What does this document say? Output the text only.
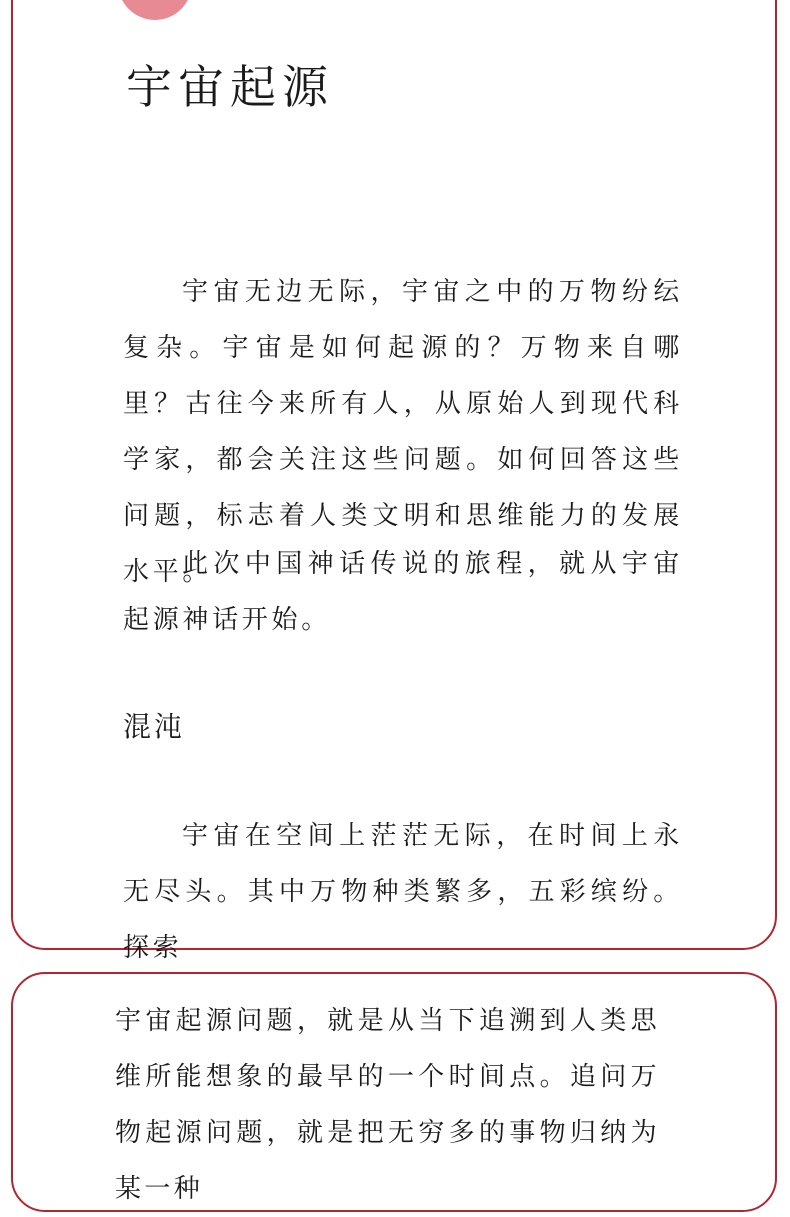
宇宙起源

宇宙无边无际，宇宙之中的万物纷纭复杂。宇宙是如何起源的？万物来自哪里？古往今来所有人，从原始人到现代科学家，都会关注这些问题。如何回答这些问题，标志着人类文明和思维能力的发展水平。

此次中国神话传说的旅程，就从宇宙起源神话开始。

混沌

宇宙在空间上茫茫无际，在时间上永无尽头。其中万物种类繁多，五彩缤纷。探索

宇宙起源问题，就是从当下追溯到人类思维所能想象的最早的一个时间点。追问万物起源问题，就是把无穷多的事物归纳为某一种
